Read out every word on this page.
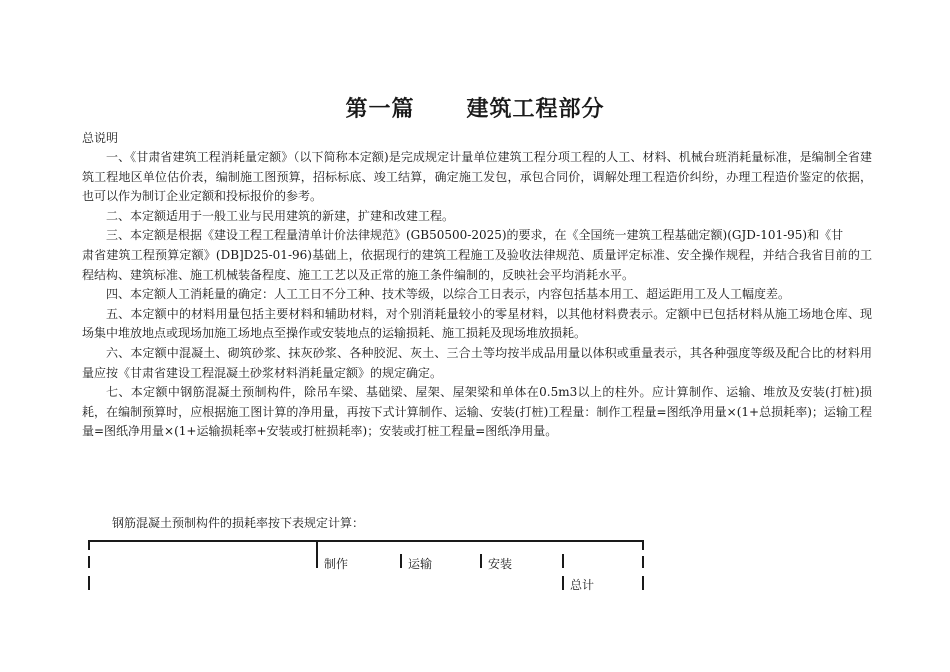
第一篇 建筑工程部分
总说明

一、《甘肃省建筑工程消耗量定额》（以下简称本定额)是完成规定计量单位建筑工程分项工程的人工、材料、机械台班消耗量标准，是编制全省建筑工程地区单位估价表，编制施工图预算，招标标底、竣工结算，确定施工发包，承包合同价，调解处理工程造价纠纷，办理工程造价鉴定的依据，也可以作为制订企业定额和投标报价的参考。

二、本定额适用于一般工业与民用建筑的新建，扩建和改建工程。

三、本定额是根据《建设工程工程量清单计价法律规范》(GB50500-2025)的要求，在《全国统一建筑工程基础定额)(GJD-101-95)和《甘

肃省建筑工程预算定额》(DB]D25-01-96)基础上，依据现行的建筑工程施工及验收法律规范、质量评定标准、安全操作规程，并结合我省目前的工程结构、建筑标准、施工机械装备程度、施工工艺以及正常的施工条件编制的，反映社会平均消耗水平。

四、本定额人工消耗量的确定：人工工日不分工种、技术等级，以综合工日表示，内容包括基本用工、超运距用工及人工幅度差。

五、本定额中的材料用量包括主要材料和辅助材料，对个别消耗量较小的零星材料，以其他材料费表示。定额中已包括材料从施工场地仓库、现场集中堆放地点或现场加施工场地点至操作或安装地点的运输损耗、施工损耗及现场堆放损耗。

六、本定额中混凝土、砌筑砂浆、抹灰砂浆、各种胶泥、灰土、三合土等均按半成品用量以体积或重量表示，其各种强度等级及配合比的材料用量应按《甘肃省建设工程混凝土砂浆材料消耗量定额》的规定确定。

七、本定额中钢筋混凝土预制构件，除吊车梁、基础梁、屋架、屋架梁和单体在0.5m3以上的柱外。应计算制作、运输、堆放及安装(打桩)损耗，在编制预算时，应根据施工图计算的净用量，再按下式计算制作、运输、安装(打桩)工程量：制作工程量=图纸净用量×(1+总损耗率)；运输工程量=图纸净用量×(1+运输损耗率+安装或打桩损耗率)；安装或打桩工程量=图纸净用量。

钢筋混凝土预制构件的损耗率按下表规定计算：
制作	运输	安装
总计
